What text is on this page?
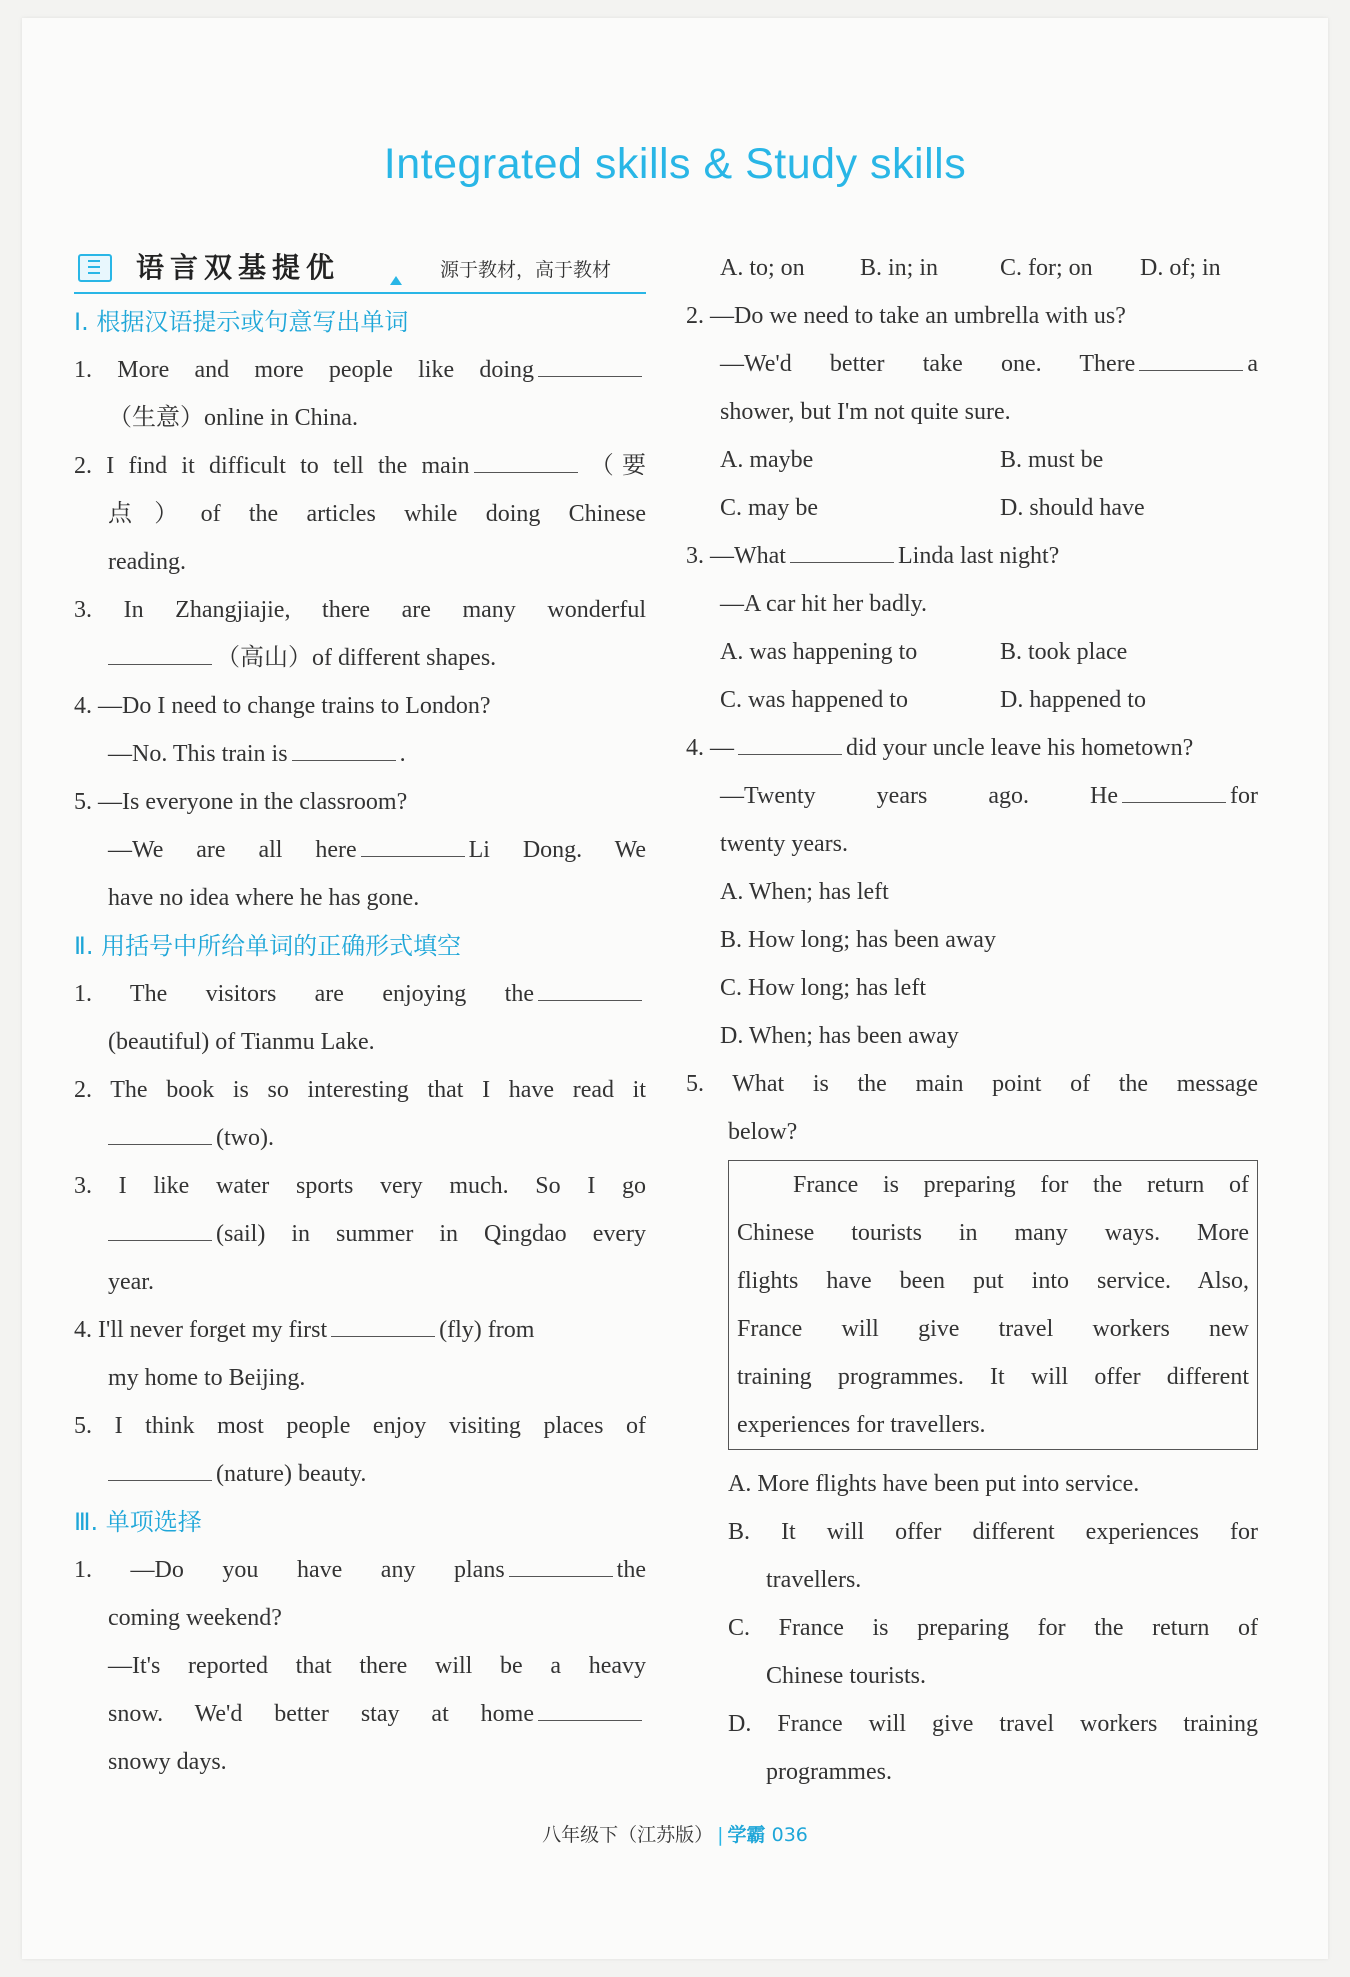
Integrated skills & Study skills
语言双基提优	源于教材，高于教材
Ⅰ. 根据汉语提示或句意写出单词
1. More and more people like doing
（生意）online in China.
2. I find it difficult to tell the main	（要
点）of the articles while doing Chinese
reading.
3. In Zhangjiajie, there are many wonderful
（高山）of different shapes.
4. —Do I need to change trains to London?
—No. This train is	.
5. —Is everyone in the classroom?
—We are all here	Li Dong. We
have no idea where he has gone.
Ⅱ. 用括号中所给单词的正确形式填空
1. The visitors are enjoying the
(beautiful) of Tianmu Lake.
2. The book is so interesting that I have read it
(two).
3. I like water sports very much. So I go
(sail) in summer in Qingdao every
year.
4. I'll never forget my first	(fly) from
my home to Beijing.
5. I think most people enjoy visiting places of
(nature) beauty.
Ⅲ. 单项选择
1. —Do you have any plans	the
coming weekend?
—It's reported that there will be a heavy
snow. We'd better stay at home
snowy days.
A. to; on	B. in; in	C. for; on	D. of; in
2. —Do we need to take an umbrella with us?
—We'd better take one. There	a
shower, but I'm not quite sure.
A. maybe	B. must be
C. may be	D. should have
3. —What	Linda last night?
—A car hit her badly.
A. was happening to	B. took place
C. was happened to	D. happened to
4. —	did your uncle leave his hometown?
—Twenty years ago. He	for
twenty years.
A. When; has left
B. How long; has been away
C. How long; has left
D. When; has been away
5. What is the main point of the message
below?
France is preparing for the return of
Chinese tourists in many ways. More
flights have been put into service. Also,
France will give travel workers new
training programmes. It will offer different
experiences for travellers.
A. More flights have been put into service.
B. It will offer different experiences for
travellers.
C. France is preparing for the return of
Chinese tourists.
D. France will give travel workers training
programmes.
八年级下（江苏版） | 学霸 036
